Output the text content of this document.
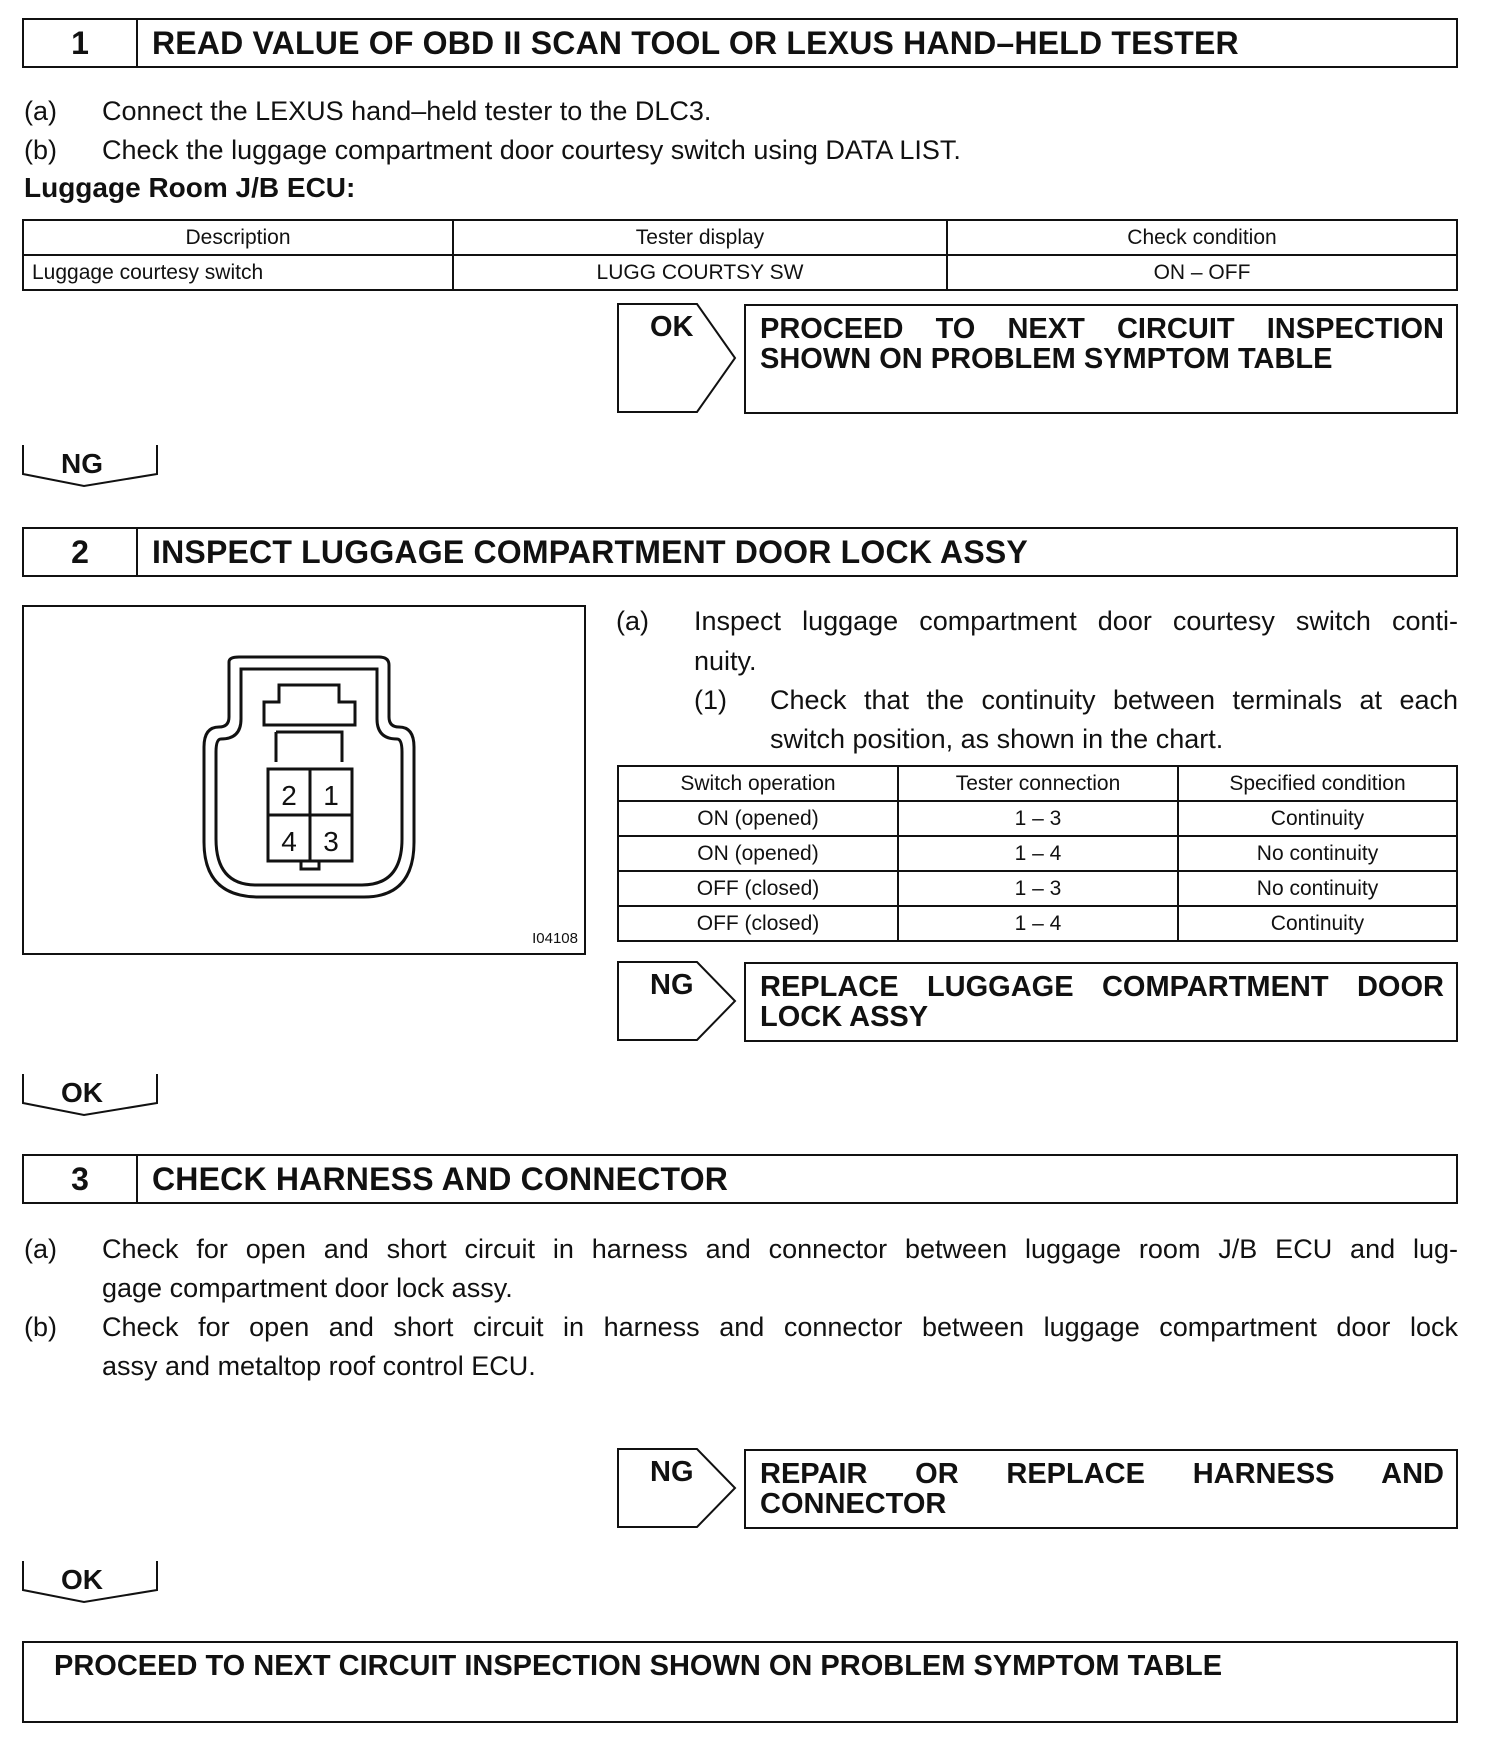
1	READ VALUE OF OBD II SCAN TOOL OR LEXUS HAND–HELD TESTER
(a) Connect the LEXUS hand–held tester to the DLC3.
(b) Check the luggage compartment door courtesy switch using DATA LIST.
Luggage Room J/B ECU:
Description	Tester display	Check condition
Luggage courtesy switch	LUGG COURTSY SW	ON – OFF
OK PROCEED TO NEXT CIRCUIT INSPECTION
SHOWN ON PROBLEM SYMPTOM TABLE
NG
2	INSPECT LUGGAGE COMPARTMENT DOOR LOCK ASSY
2 1
4 3
I04108
(a) Inspect luggage compartment door courtesy switch conti-
nuity.
(1) Check that the continuity between terminals at each
switch position, as shown in the chart.
Switch operation	Tester connection	Specified condition
ON (opened)	1 – 3	Continuity
ON (opened)	1 – 4	No continuity
OFF (closed)	1 – 3	No continuity
OFF (closed)	1 – 4	Continuity
NG REPLACE LUGGAGE COMPARTMENT DOOR
LOCK ASSY
OK
3	CHECK HARNESS AND CONNECTOR
(a) Check for open and short circuit in harness and connector between luggage room J/B ECU and lug-
gage compartment door lock assy.
(b) Check for open and short circuit in harness and connector between luggage compartment door lock
assy and metaltop roof control ECU.
NG REPAIR OR REPLACE HARNESS AND
CONNECTOR
OK
PROCEED TO NEXT CIRCUIT INSPECTION SHOWN ON PROBLEM SYMPTOM TABLE
